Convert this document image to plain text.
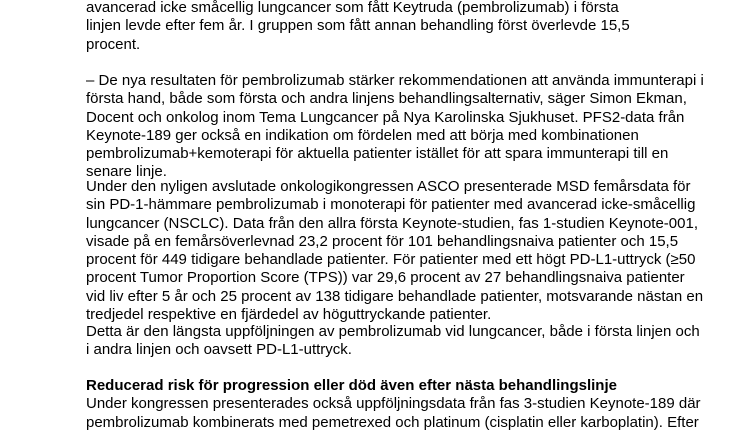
avancerad icke småcellig lungcancer som fått Keytruda (pembrolizumab) i första
linjen levde efter fem år. I gruppen som fått annan behandling först överlevde 15,5
procent.
– De nya resultaten för pembrolizumab stärker rekommendationen att använda immunterapi i
första hand, både som första och andra linjens behandlingsalternativ, säger Simon Ekman,
Docent och onkolog inom Tema Lungcancer på Nya Karolinska Sjukhuset. PFS2-data från
Keynote-189 ger också en indikation om fördelen med att börja med kombinationen
pembrolizumab+kemoterapi för aktuella patienter istället för att spara immunterapi till en
senare linje.
Under den nyligen avslutade onkologikongressen ASCO presenterade MSD femårsdata för
sin PD-1-hämmare pembrolizumab i monoterapi för patienter med avancerad icke-småcellig
lungcancer (NSCLC). Data från den allra första Keynote-studien, fas 1-studien Keynote-001,
visade på en femårsöverlevnad 23,2 procent för 101 behandlingsnaiva patienter och 15,5
procent för 449 tidigare behandlade patienter. För patienter med ett högt PD-L1-uttryck (≥50
procent Tumor Proportion Score (TPS)) var 29,6 procent av 27 behandlingsnaiva patienter
vid liv efter 5 år och 25 procent av 138 tidigare behandlade patienter, motsvarande nästan en
tredjedel respektive en fjärdedel av höguttryckande patienter.
Detta är den längsta uppföljningen av pembrolizumab vid lungcancer, både i första linjen och
i andra linjen och oavsett PD-L1-uttryck.
Reducerad risk för progression eller död även efter nästa behandlingslinje
Under kongressen presenterades också uppföljningsdata från fas 3-studien Keynote-189 där
pembrolizumab kombinerats med pemetrexed och platinum (cisplatin eller karboplatin). Efter
